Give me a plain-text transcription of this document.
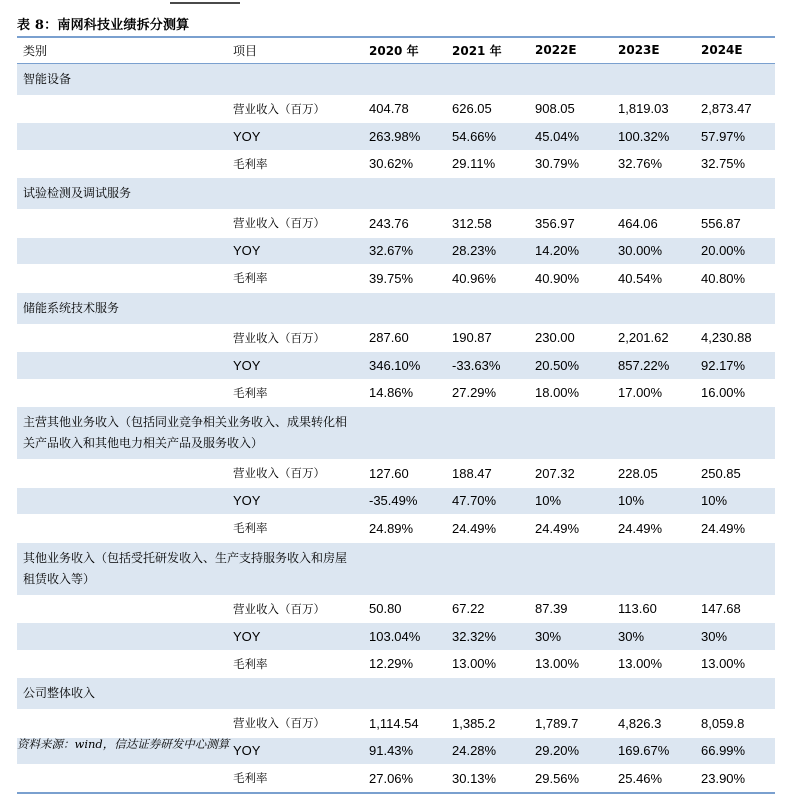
表 8：南网科技业绩拆分测算
类别	项目	2020 年	2021 年	2022E	2023E	2024E

智能设备						

	营业收入（百万）	404.78	626.05	908.05	1,819.03	2,873.47
	YOY	263.98%	54.66%	45.04%	100.32%	57.97%
	毛利率	30.62%	29.11%	30.79%	32.76%	32.75%

试验检测及调试服务						

	营业收入（百万）	243.76	312.58	356.97	464.06	556.87
	YOY	32.67%	28.23%	14.20%	30.00%	20.00%
	毛利率	39.75%	40.96%	40.90%	40.54%	40.80%

储能系统技术服务						

	营业收入（百万）	287.60	190.87	230.00	2,201.62	4,230.88
	YOY	346.10%	-33.63%	20.50%	857.22%	92.17%
	毛利率	14.86%	27.29%	18.00%	17.00%	16.00%

主营其他业务收入（包括同业竞争相关业务收入、成果转化相关产品收入和其他电力相关产品及服务收入）						

	营业收入（百万）	127.60	188.47	207.32	228.05	250.85
	YOY	-35.49%	47.70%	10%	10%	10%
	毛利率	24.89%	24.49%	24.49%	24.49%	24.49%

其他业务收入（包括受托研发收入、生产支持服务收入和房屋租赁收入等）						

	营业收入（百万）	50.80	67.22	87.39	113.60	147.68
	YOY	103.04%	32.32%	30%	30%	30%
	毛利率	12.29%	13.00%	13.00%	13.00%	13.00%

公司整体收入						

	营业收入（百万）	1,114.54	1,385.2	1,789.7	4,826.3	8,059.8
	YOY	91.43%	24.28%	29.20%	169.67%	66.99%
	毛利率	27.06%	30.13%	29.56%	25.46%	23.90%
资料来源：wind，信达证券研发中心测算
